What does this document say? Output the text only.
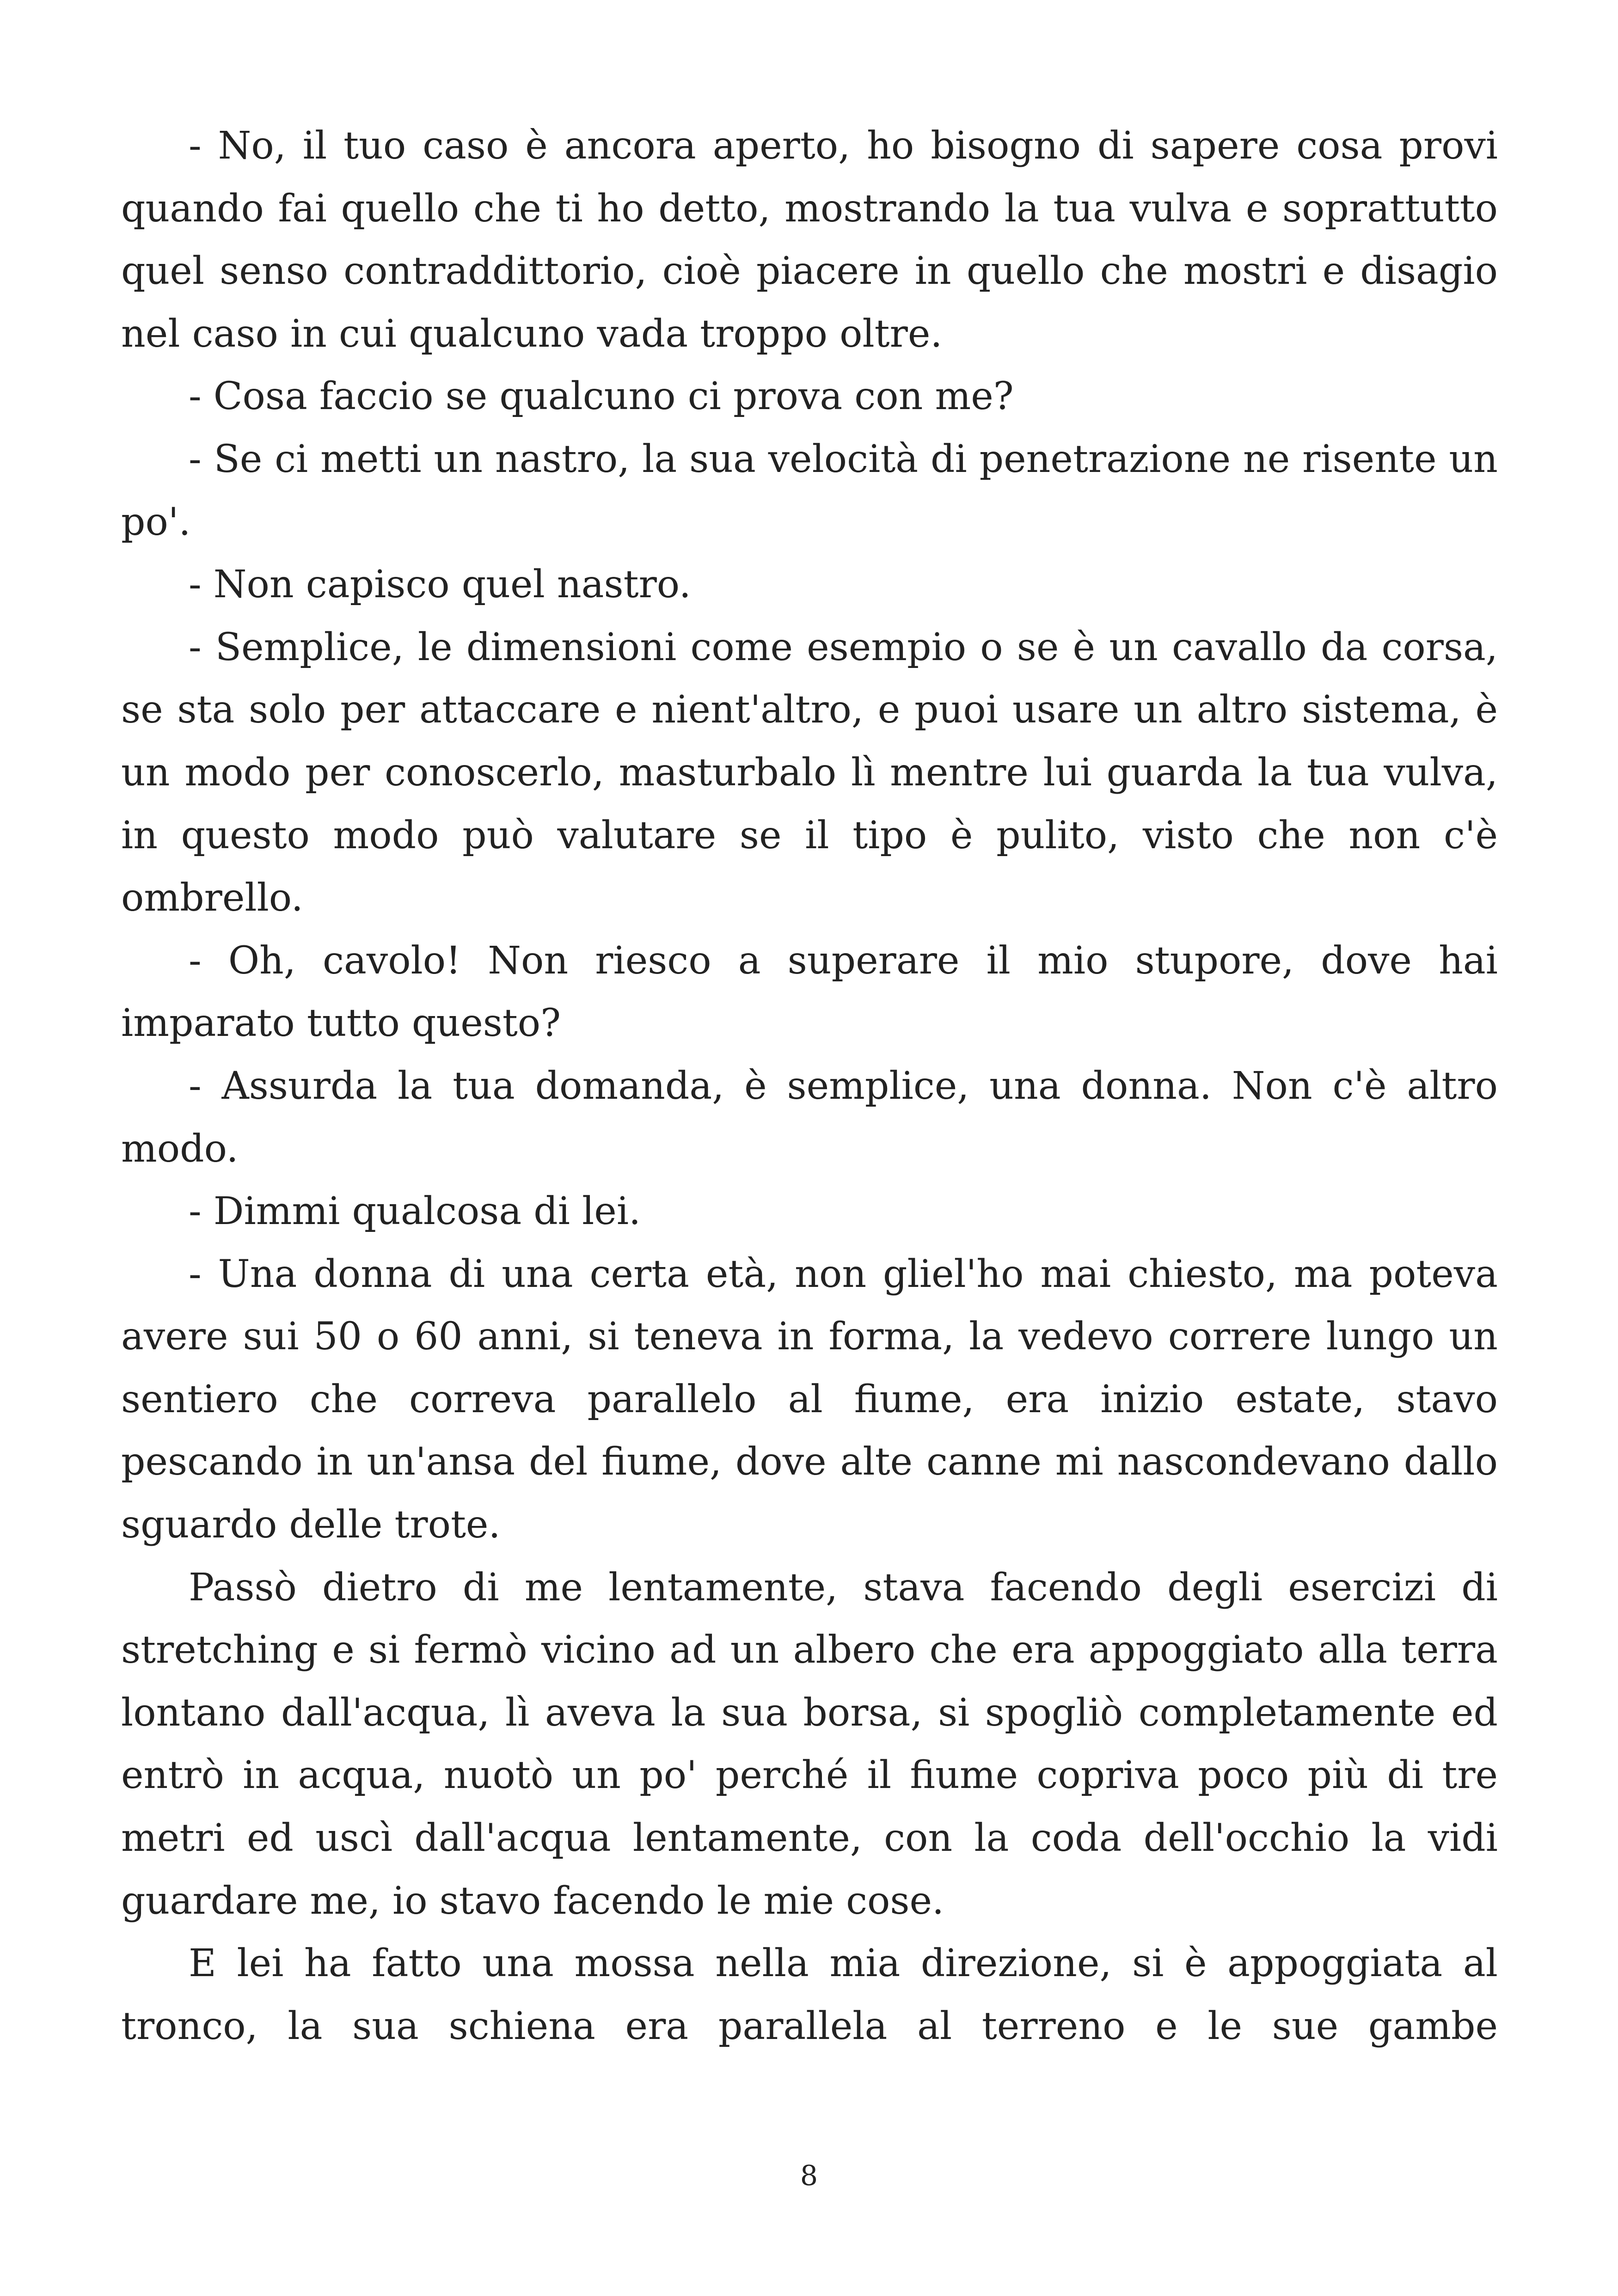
- No, il tuo caso è ancora aperto, ho bisogno di sapere cosa provi quando fai quello che ti ho detto, mostrando la tua vulva e soprattutto quel senso contraddittorio, cioè piacere in quello che mostri e disagio nel caso in cui qualcuno vada troppo oltre.

- Cosa faccio se qualcuno ci prova con me?

- Se ci metti un nastro, la sua velocità di penetrazione ne risente un po'.

- Non capisco quel nastro.

- Semplice, le dimensioni come esempio o se è un cavallo da corsa, se sta solo per attaccare e nient'altro, e puoi usare un altro sistema, è un modo per conoscerlo, masturbalo lì mentre lui guarda la tua vulva, in questo modo può valutare se il tipo è pulito, visto che non c'è ombrello.

- Oh, cavolo! Non riesco a superare il mio stupore, dove hai imparato tutto questo?

- Assurda la tua domanda, è semplice, una donna. Non c'è altro modo.

- Dimmi qualcosa di lei.

- Una donna di una certa età, non gliel'ho mai chiesto, ma poteva avere sui 50 o 60 anni, si teneva in forma, la vedevo correre lungo un sentiero che correva parallelo al fiume, era inizio estate, stavo pescando in un'ansa del fiume, dove alte canne mi nascondevano dallo sguardo delle trote.

Passò dietro di me lentamente, stava facendo degli esercizi di stretching e si fermò vicino ad un albero che era appoggiato alla terra lontano dall'acqua, lì aveva la sua borsa, si spogliò completamente ed entrò in acqua, nuotò un po' perché il fiume copriva poco più di tre metri ed uscì dall'acqua lentamente, con la coda dell'occhio la vidi guardare me, io stavo facendo le mie cose.

E lei ha fatto una mossa nella mia direzione, si è appoggiata al tronco, la sua schiena era parallela al terreno e le sue gambe

8
